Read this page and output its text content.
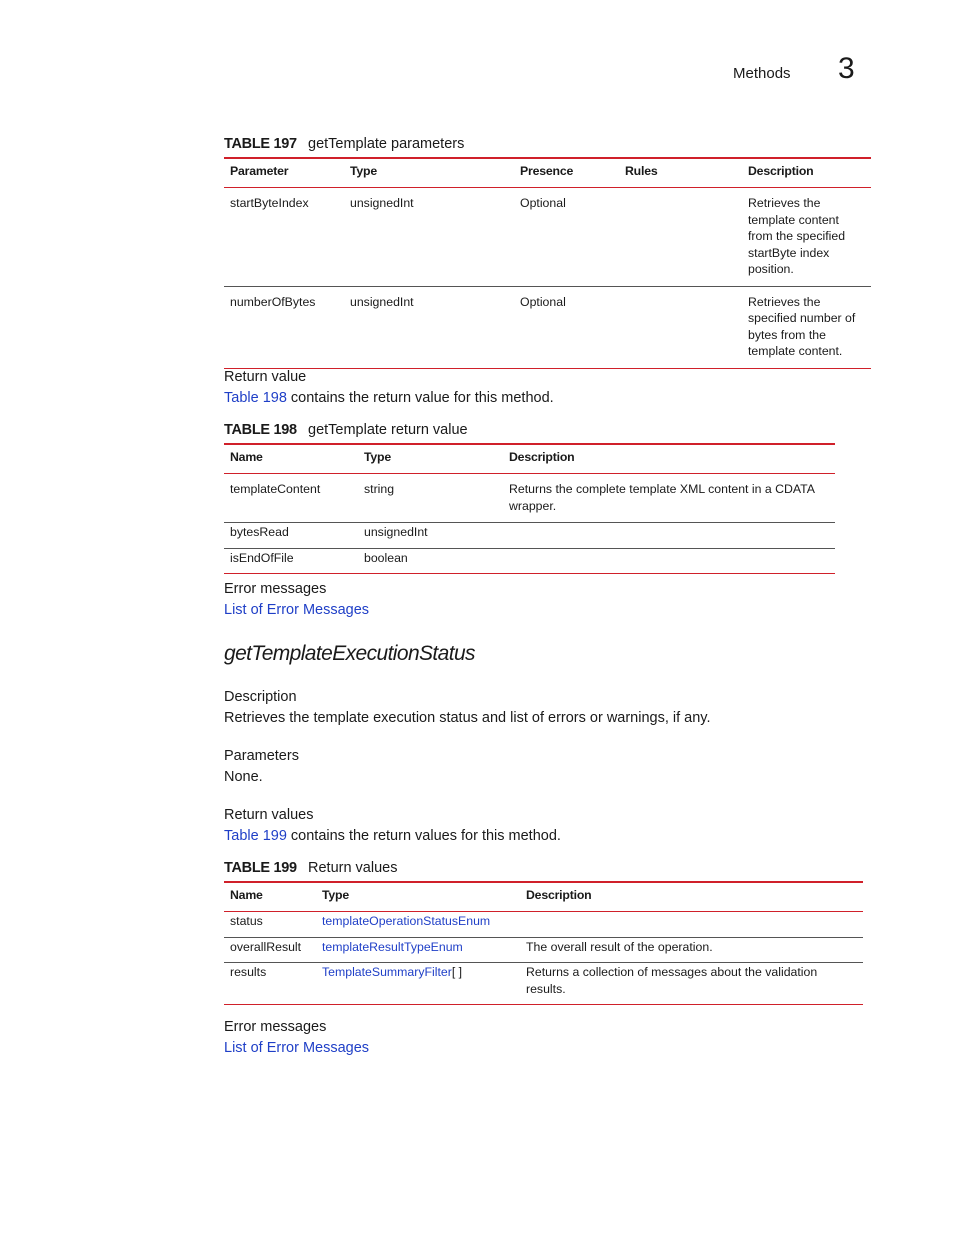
Methods 3
TABLE 197 getTemplate parameters
Parameter	Type	Presence	Rules	Description
startByteIndex	unsignedInt	Optional		Retrieves the template content from the specified startByte index position.
numberOfBytes	unsignedInt	Optional		Retrieves the specified number of bytes from the template content.
Return value
Table 198 contains the return value for this method.
TABLE 198 getTemplate return value
Name	Type	Description
templateContent	string	Returns the complete template XML content in a CDATA wrapper.
bytesRead	unsignedInt	
isEndOfFile	boolean	
Error messages
List of Error Messages
getTemplateExecutionStatus
Description
Retrieves the template execution status and list of errors or warnings, if any.
Parameters
None.
Return values
Table 199 contains the return values for this method.
TABLE 199 Return values
Name	Type	Description
status	templateOperationStatusEnum	
overallResult	templateResultTypeEnum	The overall result of the operation.
results	TemplateSummaryFilter[ ]	Returns a collection of messages about the validation results.
Error messages
List of Error Messages
